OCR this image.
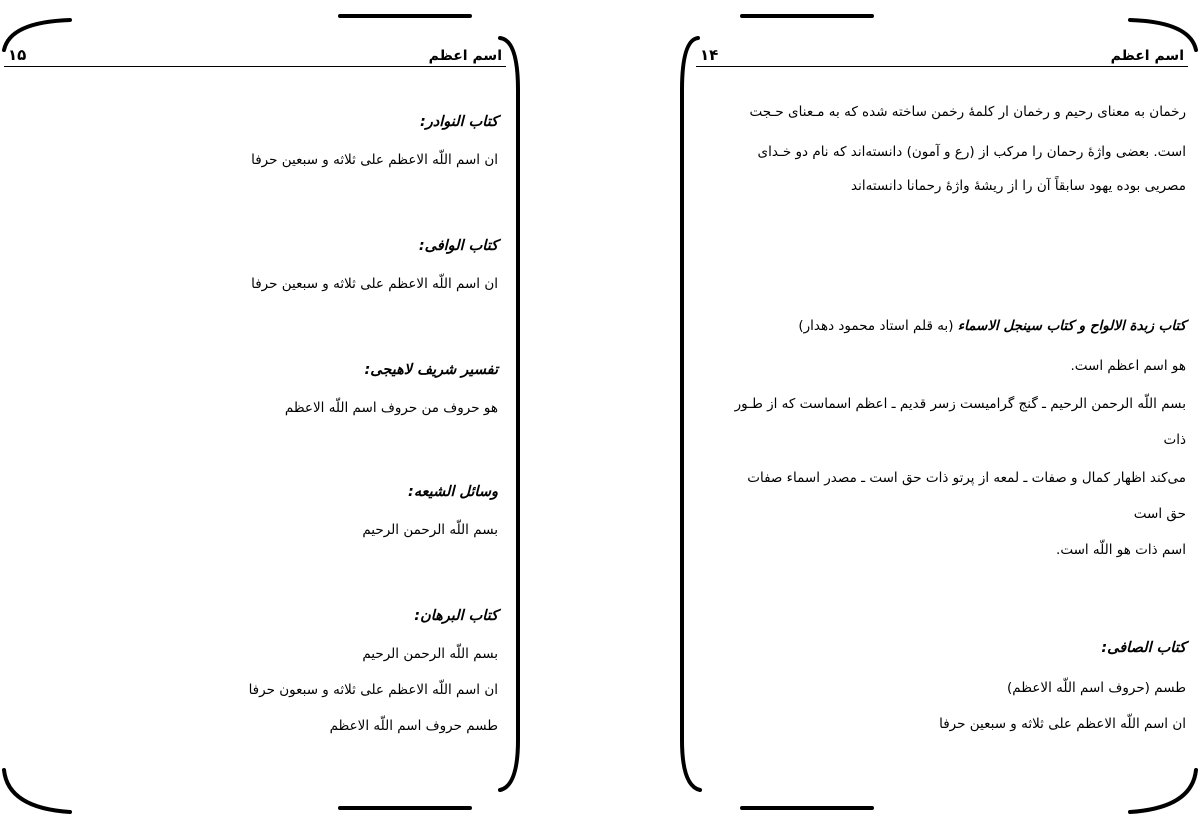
اسم اعظم
۱۴
رخمان به معنای رحیم و رخمان ار کلمهٔ رخمن ساخته شده که به مـعنای حـجت
است. بعضی واژهٔ رحمان را مرکب از (رع و آمون) دانسته‌اند که نام دو خـدای
مصریی بوده یهود سابقاً آن را از ریشهٔ واژهٔ رحمانا دانسته‌اند
کتاب زبدة الالواح و کتاب سینجل الاسماء (به قلم استاد محمود دهدار)
هو اسم اعظم است.
بسم اللّه الرحمن الرحیم ـ گنج گرامیست زسر قدیم ـ اعظم اسماست که از طـور
ذات
می‌کند اظهار کمال و صفات ـ لمعه از پرتو ذات حق است ـ مصدر اسماء صفات
حق است
اسم ذات هو اللّه است.
کتاب الصافی:
طسم (حروف اسم اللّه الاعظم)
ان اسم اللّه الاعظم علی ثلاثه و سبعین حرفا
اسم اعظم
۱۵
کتاب النوادر:
ان اسم اللّه الاعظم علی ثلاثه و سبعین حرفا
کتاب الوافی:
ان اسم اللّه الاعظم علی ثلاثه و سبعین حرفا
تفسیر شریف لاهیجی:
هو حروف من حروف اسم اللّه الاعظم
وسائل الشیعه:
بسم اللّه الرحمن الرحیم
کتاب البرهان:
بسم اللّه الرحمن الرحیم
ان اسم اللّه الاعظم علی ثلاثه و سبعون حرفا
طسم حروف اسم اللّه الاعظم
